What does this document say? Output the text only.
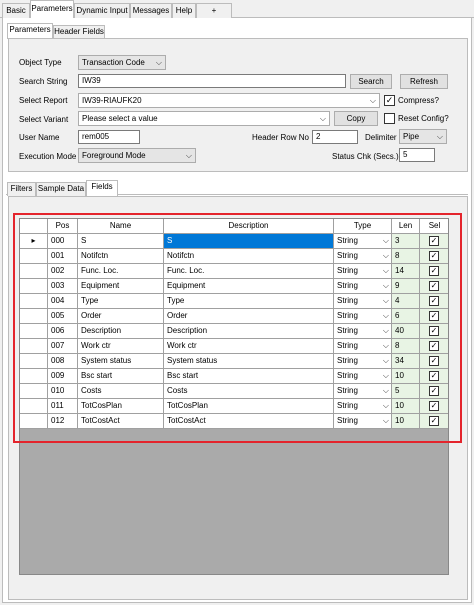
Basic Parameters Dynamic Input Messages Help	+
Parameters Header Fields
Object Type	Transaction Code ⌵
Search String	IW39	Search	Refresh
Select Report	IW39-RIAUFK20	⌵ ✓ Compress?
Select Variant	Please select a value	⌵	Copy	Reset Config?
User Name	rem005	Header Row No 2	Delimiter Pipe ⌵
Execution Mode Foreground Mode	⌵	Status Chk (Secs.) 5
Filters Sample Data Fields
Pos	Name	Description	Type	Len	Sel
▸	000	S	S	String	⌵ 3	✓
001	Notifctn	Notifctn	String	⌵ 8	✓
002	Func. Loc.	Func. Loc.	String	⌵ 14	✓
003	Equipment	Equipment	String	⌵ 9	✓
004	Type	Type	String	⌵ 4	✓
005	Order	Order	String	⌵ 6	✓
006	Description	Description	String	⌵ 40	✓
007	Work ctr	Work ctr	String	⌵ 8	✓
008	System status	System status	String	⌵ 34	✓
009	Bsc start	Bsc start	String	⌵ 10	✓
010	Costs	Costs	String	⌵ 5	✓
011	TotCosPlan	TotCosPlan	String	⌵ 10	✓
012	TotCostAct	TotCostAct	String	⌵ 10	✓
